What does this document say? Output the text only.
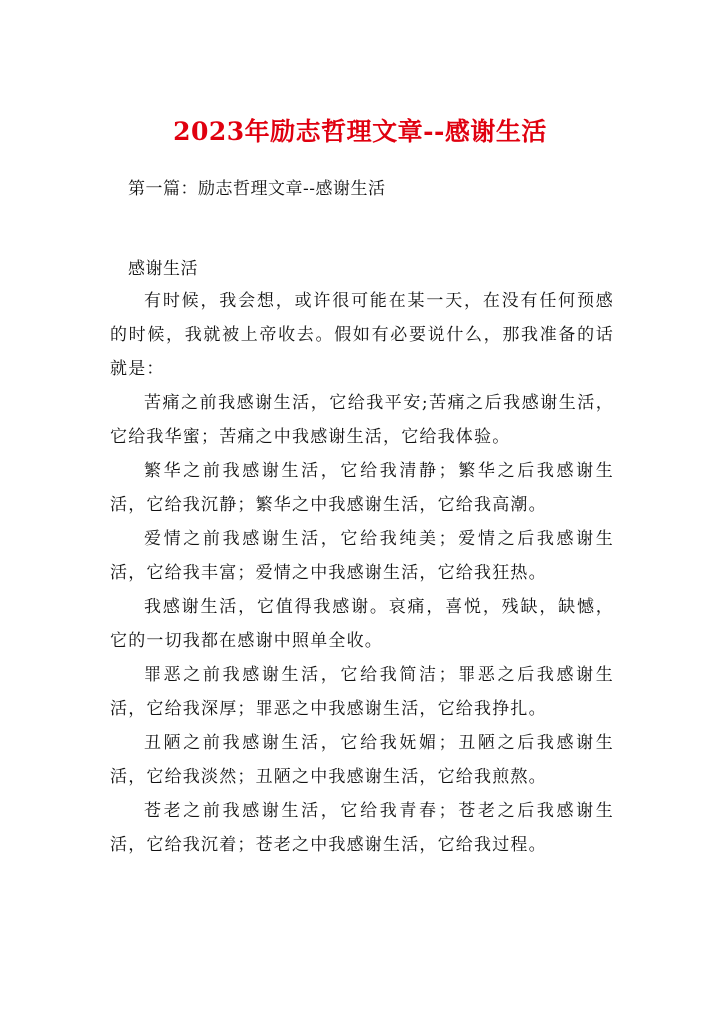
2023年励志哲理文章--感谢生活
第一篇：励志哲理文章--感谢生活
感谢生活

有时候，我会想，或许很可能在某一天，在没有任何预感的时候，我就被上帝收去。假如有必要说什么，那我准备的话就是：

苦痛之前我感谢生活，它给我平安;苦痛之后我感谢生活，它给我华蜜；苦痛之中我感谢生活，它给我体验。

繁华之前我感谢生活，它给我清静；繁华之后我感谢生活，它给我沉静；繁华之中我感谢生活，它给我高潮。

爱情之前我感谢生活，它给我纯美；爱情之后我感谢生活，它给我丰富；爱情之中我感谢生活，它给我狂热。

我感谢生活，它值得我感谢。哀痛，喜悦，残缺，缺憾，它的一切我都在感谢中照单全收。

罪恶之前我感谢生活，它给我简洁；罪恶之后我感谢生活，它给我深厚；罪恶之中我感谢生活，它给我挣扎。

丑陋之前我感谢生活，它给我妩媚；丑陋之后我感谢生活，它给我淡然；丑陋之中我感谢生活，它给我煎熬。

苍老之前我感谢生活，它给我青春；苍老之后我感谢生活，它给我沉着；苍老之中我感谢生活，它给我过程。
